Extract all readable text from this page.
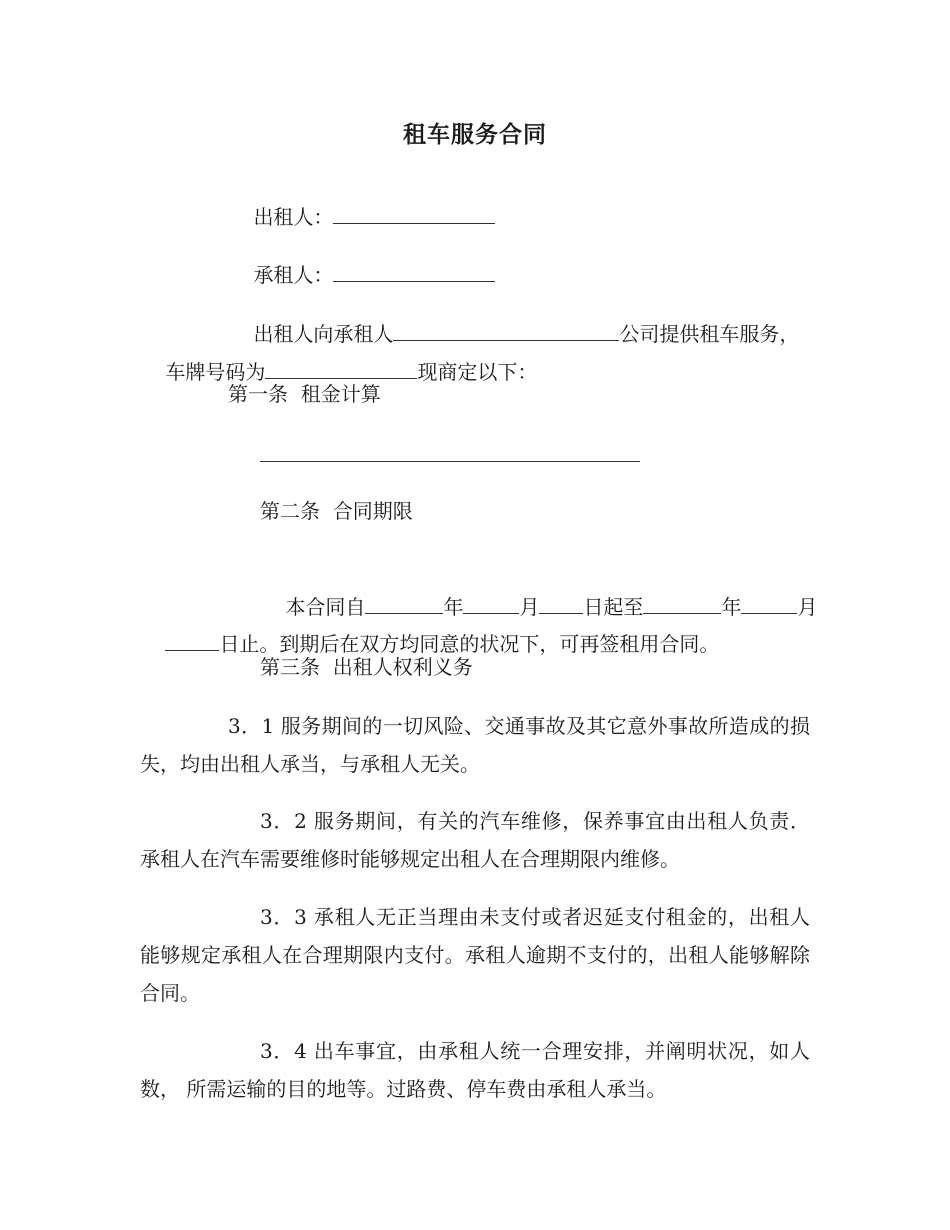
租车服务合同

出租人：

承租人：

出租人向承租人	公司提供租车服务，

车牌号码为	现商定以下：

第一条  租金计算
第二条  合同期限

本合同自	年	月 日起至	年	月

日止。到期后在双方均同意的状况下，可再签租用合同。

第三条  出租人权利义务
3．1 服务期间的一切风险、交通事故及其它意外事故所造成的损失，均由出租人承当，与承租人无关。
3．2 服务期间，有关的汽车维修，保养事宜由出租人负责．承租人在汽车需要维修时能够规定出租人在合理期限内维修。
3．3 承租人无正当理由未支付或者迟延支付租金的，出租人能够规定承租人在合理期限内支付。承租人逾期不支付的，出租人能够解除合同。
3．4 出车事宜，由承租人统一合理安排，并阐明状况，如人数， 所需运输的目的地等。过路费、停车费由承租人承当。
